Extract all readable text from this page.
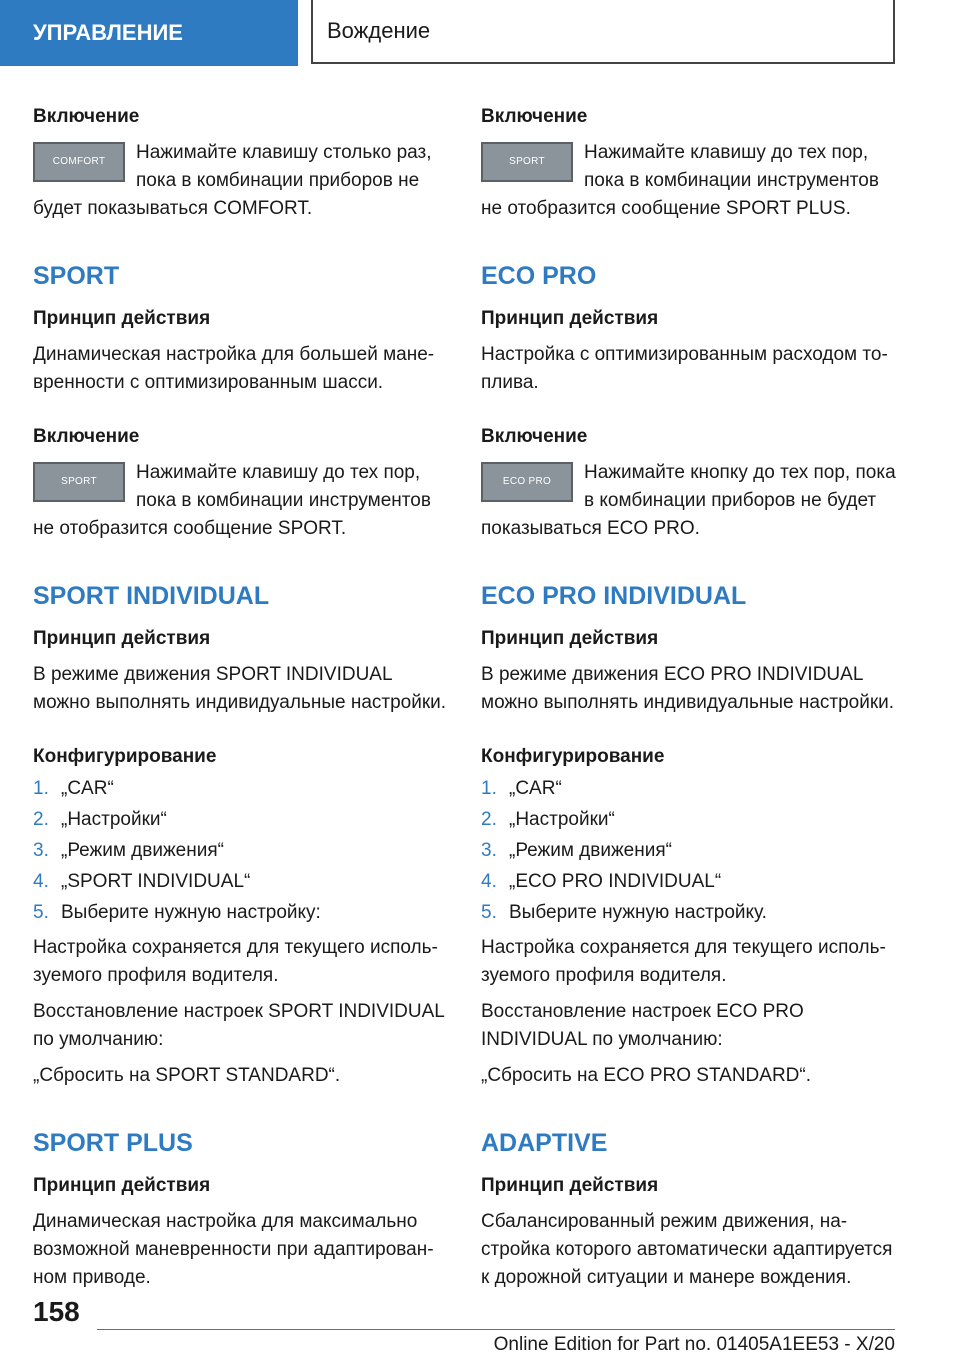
УПРАВЛЕНИЕ	Вождение
Включение
COMFORT	Нажимайте клавишу столько раз, пока в комбинации приборов не будет показываться COMFORT.

SPORT
Принцип действия

Динамическая настройка для большей маневренности с оптимизированным шасси.

Включение
SPORT	Нажимайте клавишу до тех пор, пока в комбинации инструментов не отобразится сообщение SPORT.

SPORT INDIVIDUAL
Принцип действия

В режиме движения SPORT INDIVIDUAL можно выполнять индивидуальные настройки.

Конфигурирование
1. „CAR“
2. „Настройки“
3. „Режим движения“
4. „SPORT INDIVIDUAL“
5. Выберите нужную настройку:

Настройка сохраняется для текущего используемого профиля водителя.

Восстановление настроек SPORT INDIVIDUAL по умолчанию:

„Сбросить на SPORT STANDARD“.

SPORT PLUS
Принцип действия

Динамическая настройка для максимально возможной маневренности при адаптированном приводе.

Включение
SPORT	Нажимайте клавишу до тех пор, пока в комбинации инструментов не отобразится сообщение SPORT PLUS.

ECO PRO
Принцип действия

Настройка с оптимизированным расходом топлива.

Включение
ECO PRO	Нажимайте кнопку до тех пор, пока в комбинации приборов не будет показываться ECO PRO.

ECO PRO INDIVIDUAL
Принцип действия

В режиме движения ECO PRO INDIVIDUAL можно выполнять индивидуальные настройки.

Конфигурирование
1. „CAR“
2. „Настройки“
3. „Режим движения“
4. „ECO PRO INDIVIDUAL“
5. Выберите нужную настройку.

Настройка сохраняется для текущего используемого профиля водителя.

Восстановление настроек ECO PRO INDIVIDUAL по умолчанию:

„Сбросить на ECO PRO STANDARD“.

ADAPTIVE
Принцип действия

Сбалансированный режим движения, настройка которого автоматически адаптируется к дорожной ситуации и манере вождения.

158
Online Edition for Part no. 01405A1EE53 - X/20
